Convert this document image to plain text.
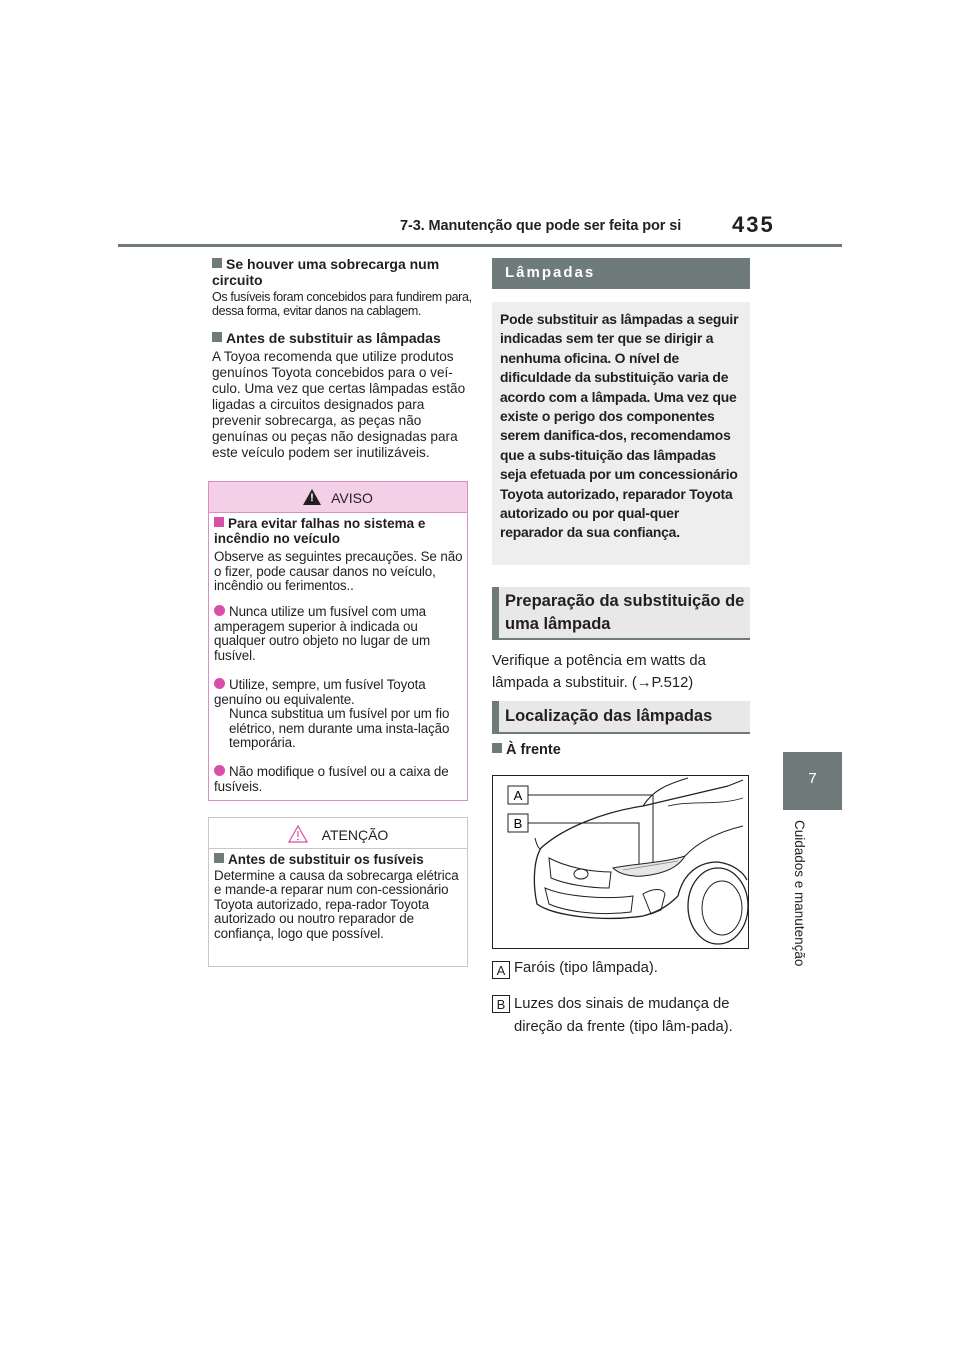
7-3. Manutenção que pode ser feita por si	435
7
Cuidados e manutenção
Se houver uma sobrecarga num circuito
Os fusíveis foram concebidos para fundirem para, dessa forma, evitar danos na cablagem.
Antes de substituir as lâmpadas
A Toyoa recomenda que utilize produtos genuínos Toyota concebidos para o veí-culo. Uma vez que certas lâmpadas estão ligadas a circuitos designados para prevenir sobrecarga, as peças não genuínas ou peças não designadas para este veículo podem ser inutilizáveis.
!AVISO
Para evitar falhas no sistema e incêndio no veículo
Observe as seguintes precauções. Se não o fizer, pode causar danos no veículo, incêndio ou ferimentos..
Nunca utilize um fusível com uma amperagem superior à indicada ou qualquer outro objeto no lugar de um fusível.
Utilize, sempre, um fusível Toyota genuíno ou equivalente.
Nunca substitua um fusível por um fio elétrico, nem durante uma insta-lação temporária.
Não modifique o fusível ou a caixa de fusíveis.
ATENÇÃO
Antes de substituir os fusíveis
Determine a causa da sobrecarga elétrica e mande-a reparar num con-cessionário Toyota autorizado, repa-rador Toyota autorizado ou noutro reparador de confiança, logo que possível.
Lâmpadas
Pode substituir as lâmpadas a seguir indicadas sem ter que se dirigir a nenhuma oficina. O nível de dificuldade da substituição varia de acordo com a lâmpada. Uma vez que existe o perigo dos componentes serem danifica-dos, recomendamos que a subs-tituição das lâmpadas seja efetuada por um concessionário Toyota autorizado, reparador Toyota autorizado ou por qual-quer reparador da sua confiança.
Preparação da substituição de uma lâmpada
Verifique a potência em watts da lâmpada a substituir. (→P.512)
Localização das lâmpadas
À frente
A
B
A Faróis (tipo lâmpada).
B Luzes dos sinais de mudança de direção da frente (tipo lâm-pada).
